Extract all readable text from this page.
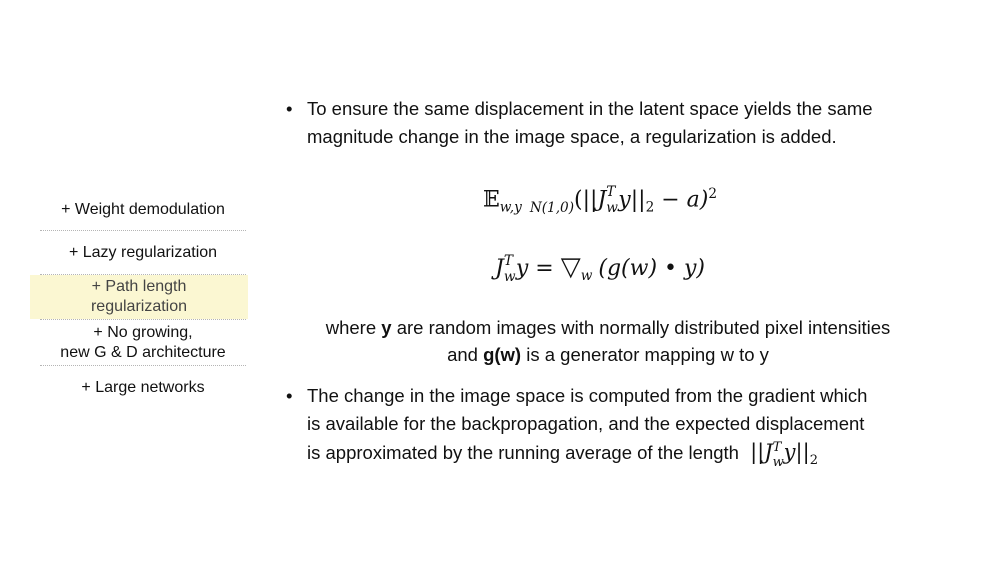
+ Weight demodulation
+ Lazy regularization
+ Path length
regularization
+ No growing,
new G & D architecture
+ Large networks
• To ensure the same displacement in the latent space yields the same
magnitude change in the image space, a regularization is added.
𝔼$_{w,y}$ $_{N(1,0)}$(||J T
w $y||_2 - a)^2$
J T
w $y = ▽_w$ (g(w) • y)
where y are random images with normally distributed pixel intensities
and g(w) is a generator mapping w to y
• The change in the image space is computed from the gradient which
is available for the backpropagation, and the expected displacement
is approximated by the running average of the length ||J T
w $y||_2$
